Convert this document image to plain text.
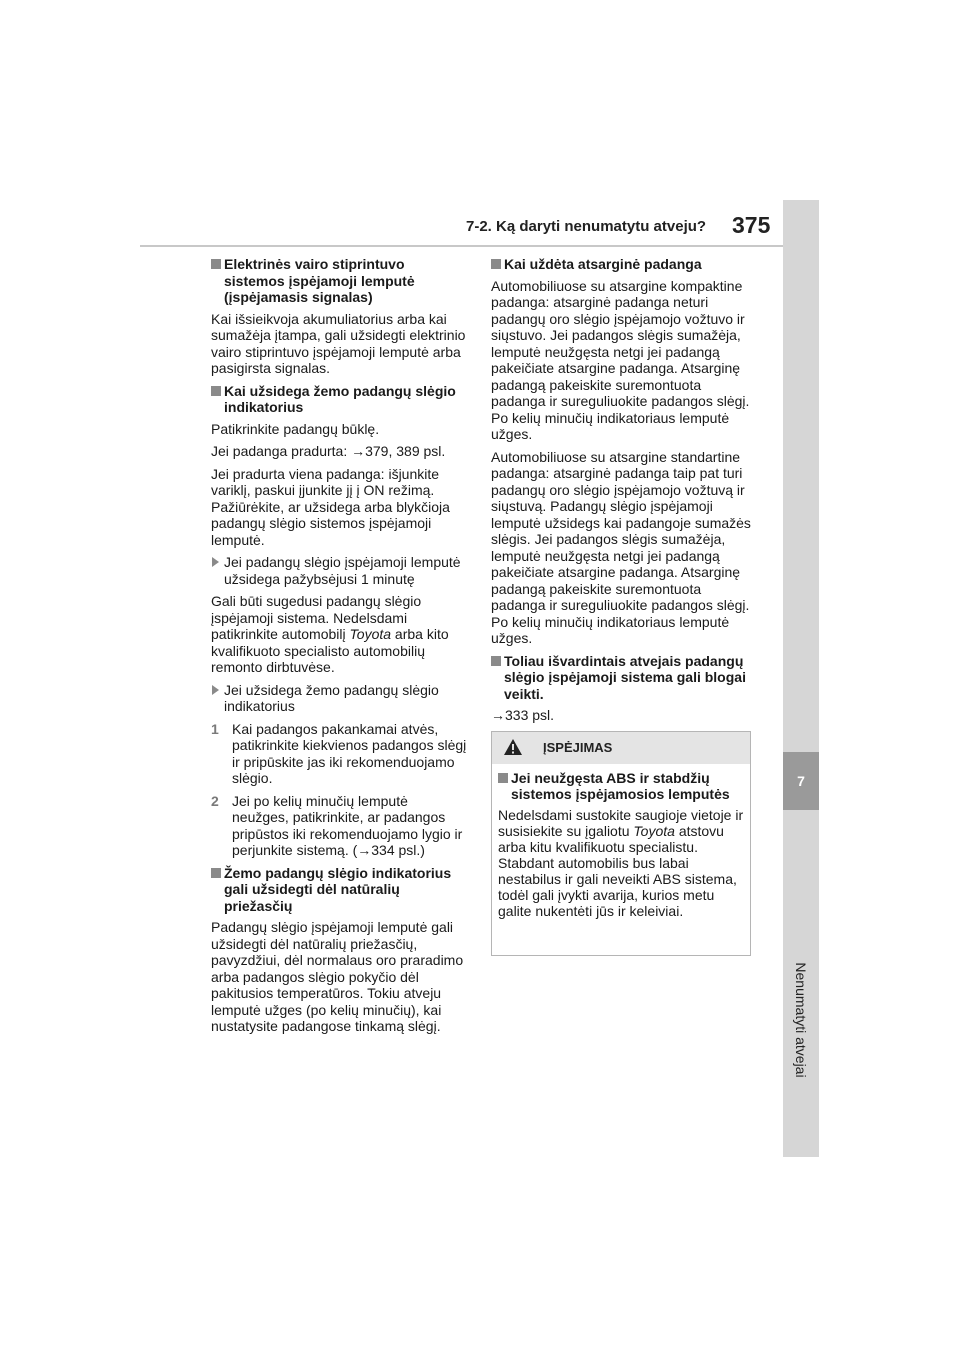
7-2. Ką daryti nenumatytu atveju? 375
7
Nenumatyti atvejai
Elektrinės vairo stiprintuvo sistemos įspėjamoji lemputė (įspėjamasis signalas)

Kai išsieikvoja akumuliatorius arba kai sumažėja įtampa, gali užsidegti elektrinio vairo stiprintuvo įspėjamoji lemputė arba pasigirsta signalas.

Kai užsidega žemo padangų slėgio indikatorius

Patikrinkite padangų būklę.

Jei padanga pradurta: →379, 389 psl.

Jei pradurta viena padanga: išjunkite variklį, paskui įjunkite jį į ON režimą. Pažiūrėkite, ar užsidega arba blykčioja padangų slėgio sistemos įspėjamoji lemputė.

Jei padangų slėgio įspėjamoji lemputė užsidega pažybsėjusi 1 minutę

Gali būti sugedusi padangų slėgio įspėjamoji sistema. Nedelsdami patikrinkite automobilį Toyota arba kito kvalifikuoto specialisto automobilių remonto dirbtuvėse.

Jei užsidega žemo padangų slėgio indikatorius
1 Kai padangos pakankamai atvės, patikrinkite kiekvienos padangos slėgį ir pripūskite jas iki rekomenduojamo slėgio.
2 Jei po kelių minučių lemputė neužges, patikrinkite, ar padangos pripūstos iki rekomenduojamo lygio ir perjunkite sistemą. (→334 psl.)
Žemo padangų slėgio indikatorius gali užsidegti dėl natūralių priežasčių

Padangų slėgio įspėjamoji lemputė gali užsidegti dėl natūralių priežasčių, pavyzdžiui, dėl normalaus oro praradimo arba padangos slėgio pokyčio dėl pakitusios temperatūros. Tokiu atveju lemputė užges (po kelių minučių), kai nustatysite padangose tinkamą slėgį.

Kai uždėta atsarginė padanga

Automobiliuose su atsargine kompaktine padanga: atsarginė padanga neturi padangų oro slėgio įspėjamojo vožtuvo ir siųstuvo. Jei padangos slėgis sumažėja, lemputė neužgęsta netgi jei padangą pakeičiate atsargine padanga. Atsarginę padangą pakeiskite suremontuota padanga ir sureguliuokite padangos slėgį. Po kelių minučių indikatoriaus lemputė užges.

Automobiliuose su atsargine standartine padanga: atsarginė padanga taip pat turi padangų oro slėgio įspėjamojo vožtuvą ir siųstuvą. Padangų slėgio įspėjamoji lemputė užsidegs kai padangoje sumažės slėgis. Jei padangos slėgis sumažėja, lemputė neužgęsta netgi jei padangą pakeičiate atsargine padanga. Atsarginę padangą pakeiskite suremontuota padanga ir sureguliuokite padangos slėgį. Po kelių minučių indikatoriaus lemputė užges.

Toliau išvardintais atvejais padangų slėgio įspėjamoji sistema gali blogai veikti.

→333 psl.

ĮSPĖJIMAS
Jei neužgęsta ABS ir stabdžių sistemos įspėjamosios lemputės

Nedelsdami sustokite saugioje vietoje ir susisiekite su įgaliotu Toyota atstovu arba kitu kvalifikuotu specialistu.

Stabdant automobilis bus labai nestabilus ir gali neveikti ABS sistema, todėl gali įvykti avarija, kurios metu galite nukentėti jūs ir keleiviai.
